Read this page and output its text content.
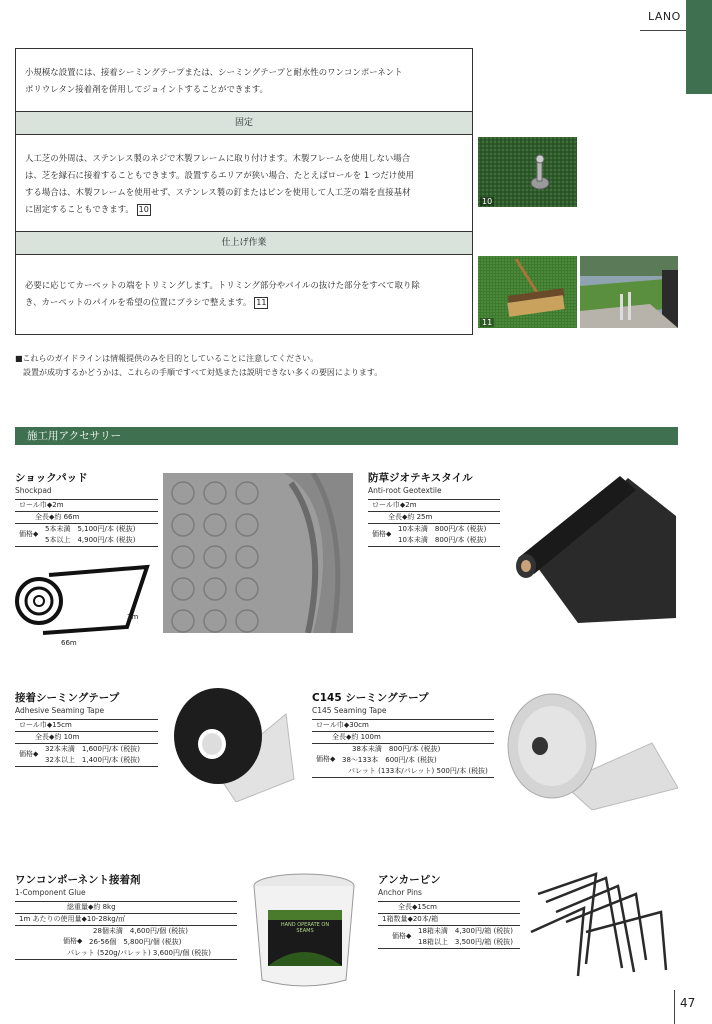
LANO
小規模な設置には、接着シーミングテープまたは、シーミングテープと耐水性のワンコンポーネント
ポリウレタン接着剤を併用してジョイントすることができます。
固定
人工芝の外周は、ステンレス製のネジで木製フレームに取り付けます。木製フレームを使用しない場合
は、芝を縁石に接着することもできます。設置するエリアが狭い場合、たとえばロールを 1 つだけ使用
する場合は、木製フレームを使用せず、ステンレス製の釘またはピンを使用して人工芝の端を直接基材
に固定することもできます。 10
仕上げ作業
必要に応じてカーペットの端をトリミングします。トリミング部分やパイルの抜けた部分をすべて取り除
き、カーペットのパイルを希望の位置にブラシで整えます。 11
10
11
■これらのガイドラインは情報提供のみを目的としていることに注意してください。
設置が成功するかどうかは、これらの手順ですべて対処または説明できない多くの要因によります。
施工用アクセサリー
ショックパッド
Shockpad
ロール巾◆2m
全長◆約 66m
価格◆
5本未満　5,100円/本 (税抜)
5本以上　4,900円/本 (税抜)
2m
66m
防草ジオテキスタイル
Anti-root Geotextile
ロール巾◆2m
全長◆約 25m
価格◆
10本未満　800円/本 (税抜)
10本未満　800円/本 (税抜)
接着シーミングテープ
Adhesive Seaming Tape
ロール巾◆15cm
全長◆約 10m
価格◆
32本未満　1,600円/本 (税抜)
32本以上　1,400円/本 (税抜)
C145 シーミングテープ
C145 Seaming Tape
ロール巾◆30cm
全長◆約 100m
価格◆
38本未満　800円/本 (税抜)
38〜133本　600円/本 (税抜)
パレット (133本/パレット) 500円/本 (税抜)
ワンコンポーネント接着剤
1-Component Glue
総重量◆約 8kg
1m あたりの使用量◆10-28kg/㎡
価格◆
28個未満　4,600円/個 (税抜)
26-56個　5,800円/個 (税抜)
パレット (520g/パレット) 3,600円/個 (税抜)
HAND OPERATE ON SEAMS
アンカーピン
Anchor Pins
全長◆15cm
1箱数量◆20本/箱
価格◆
18箱未満　4,300円/箱 (税抜)
18箱以上　3,500円/箱 (税抜)
47
